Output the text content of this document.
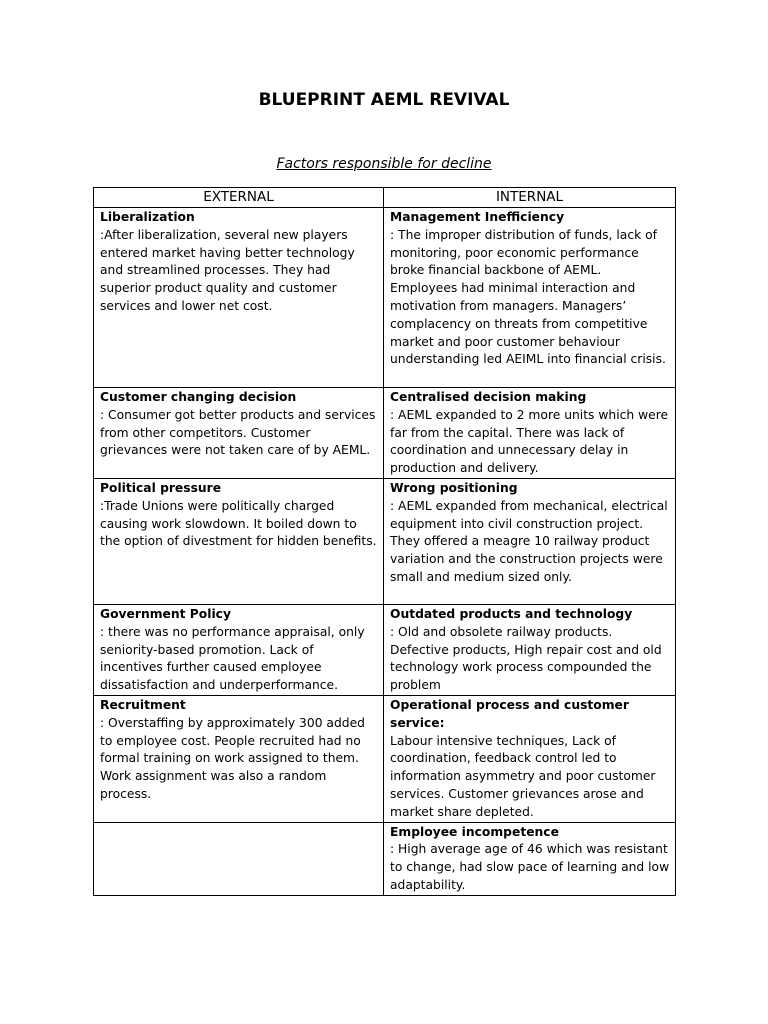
BLUEPRINT AEML REVIVAL
Factors responsible for decline
EXTERNAL	INTERNAL

Liberalization
:After liberalization, several new players entered market having better technology and streamlined processes. They had superior product quality and customer services and lower net cost.	Management Inefficiency
: The improper distribution of funds, lack of monitoring, poor economic performance broke financial backbone of AEML. Employees had minimal interaction and motivation from managers. Managers’ complacency on threats from competitive market and poor customer behaviour understanding led AEIML into financial crisis.

Customer changing decision
: Consumer got better products and services from other competitors. Customer grievances were not taken care of by AEML.	Centralised decision making
: AEML expanded to 2 more units which were far from the capital. There was lack of coordination and unnecessary delay in production and delivery.

Political pressure
:Trade Unions were politically charged causing work slowdown. It boiled down to the option of divestment for hidden benefits.	Wrong positioning
: AEML expanded from mechanical, electrical equipment into civil construction project. They offered a meagre 10 railway product variation and the construction projects were small and medium sized only.

Government Policy
: there was no performance appraisal, only seniority-based promotion. Lack of incentives further caused employee dissatisfaction and underperformance.	Outdated products and technology
: Old and obsolete railway products. Defective products, High repair cost and old technology work process compounded the problem

Recruitment
: Overstaffing by approximately 300 added to employee cost. People recruited had no formal training on work assigned to them. Work assignment was also a random process.	Operational process and customer service:
Labour intensive techniques, Lack of coordination, feedback control led to information asymmetry and poor customer services. Customer grievances arose and market share depleted.

	Employee incompetence
: High average age of 46 which was resistant to change, had slow pace of learning and low adaptability.
